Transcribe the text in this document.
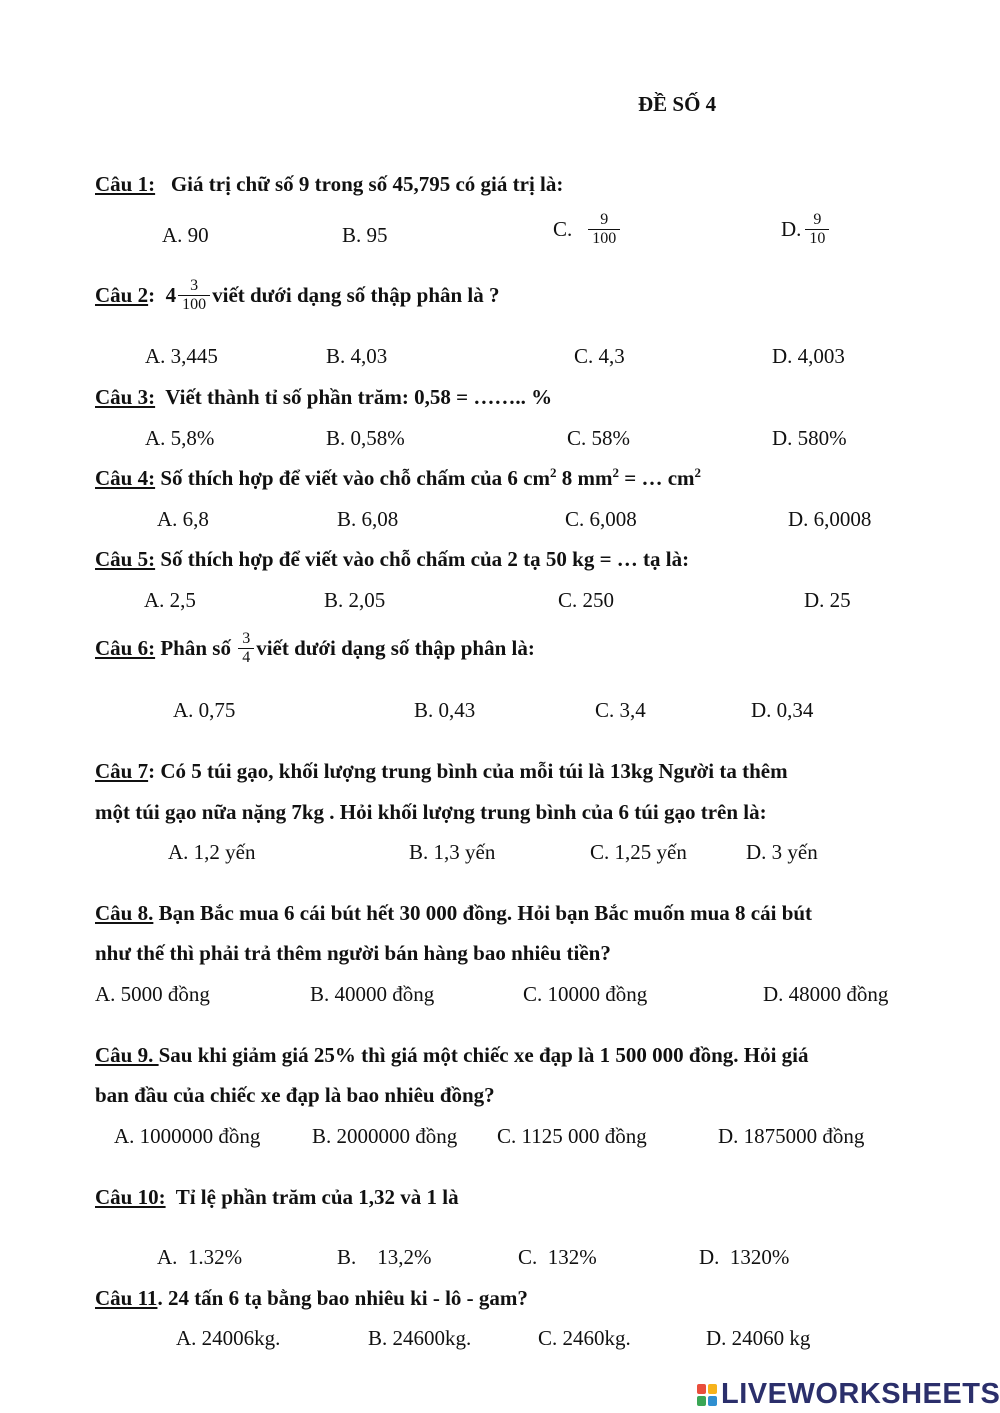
ĐỀ SỐ 4
Câu 1: Giá trị chữ số 9 trong số 45,795 có giá trị là:
A. 90	B. 95	C. $\frac{9}{100}$	D. $\frac{9}{10}$
Câu 2 :
$4 \frac{3}{100}$ viết dưới dạng số thập phân là ?
A. 3,445	B. 4,03	C. 4,3	D. 4,003
Câu 3: Viết thành tỉ số phần trăm: 0,58 = …….. %
A. 5,8%	B. 0,58%	C. 58%	D. 580%
Câu 4: Số thích hợp để viết vào chỗ chấm của 6 $cm^2$ 8 $mm^2$ = … $cm^2$
A. 6,8	B. 6,08	C. 6,008	D. 6,0008
Câu 5: Số thích hợp để viết vào chỗ chấm của 2 tạ 50 kg = … tạ là:
A. 2,5	B. 2,05	C. 250	D. 25
Câu 6:
Phân số
$\frac{3}{4}$ viết dưới dạng số thập phân là:
A. 0,75	B. 0,43	C. 3,4	D. 0,34
Câu 7: Có 5 túi gạo, khối lượng trung bình của mỗi túi là 13kg Người ta thêm
một túi gạo nữa nặng 7kg . Hỏi khối lượng trung bình của 6 túi gạo trên là:
A. 1,2 yến	B. 1,3 yến	C. 1,25 yến	D. 3 yến
Câu 8. Bạn Bắc mua 6 cái bút hết 30 000 đồng. Hỏi bạn Bắc muốn mua 8 cái bút
như thế thì phải trả thêm người bán hàng bao nhiêu tiền?
A. 5000 đồng	B. 40000 đồng	C. 10000 đồng	D. 48000 đồng
Câu 9. Sau khi giảm giá 25% thì giá một chiếc xe đạp là 1 500 000 đồng. Hỏi giá
ban đầu của chiếc xe đạp là bao nhiêu đồng?
A. 1000000 đồng B. 2000000 đồng C. 1125 000 đồng	D. 1875000 đồng
Câu 10: Tỉ lệ phần trăm của 1,32 và 1 là
A.  1.32%	B.    13,2%	C.  132%	D.  1320%
Câu 11. 24 tấn 6 tạ bằng bao nhiêu ki - lô - gam?
A. 24006kg.	B. 24600kg.	C. 2460kg.	D. 24060 kg
LIVEWORKSHEETS
